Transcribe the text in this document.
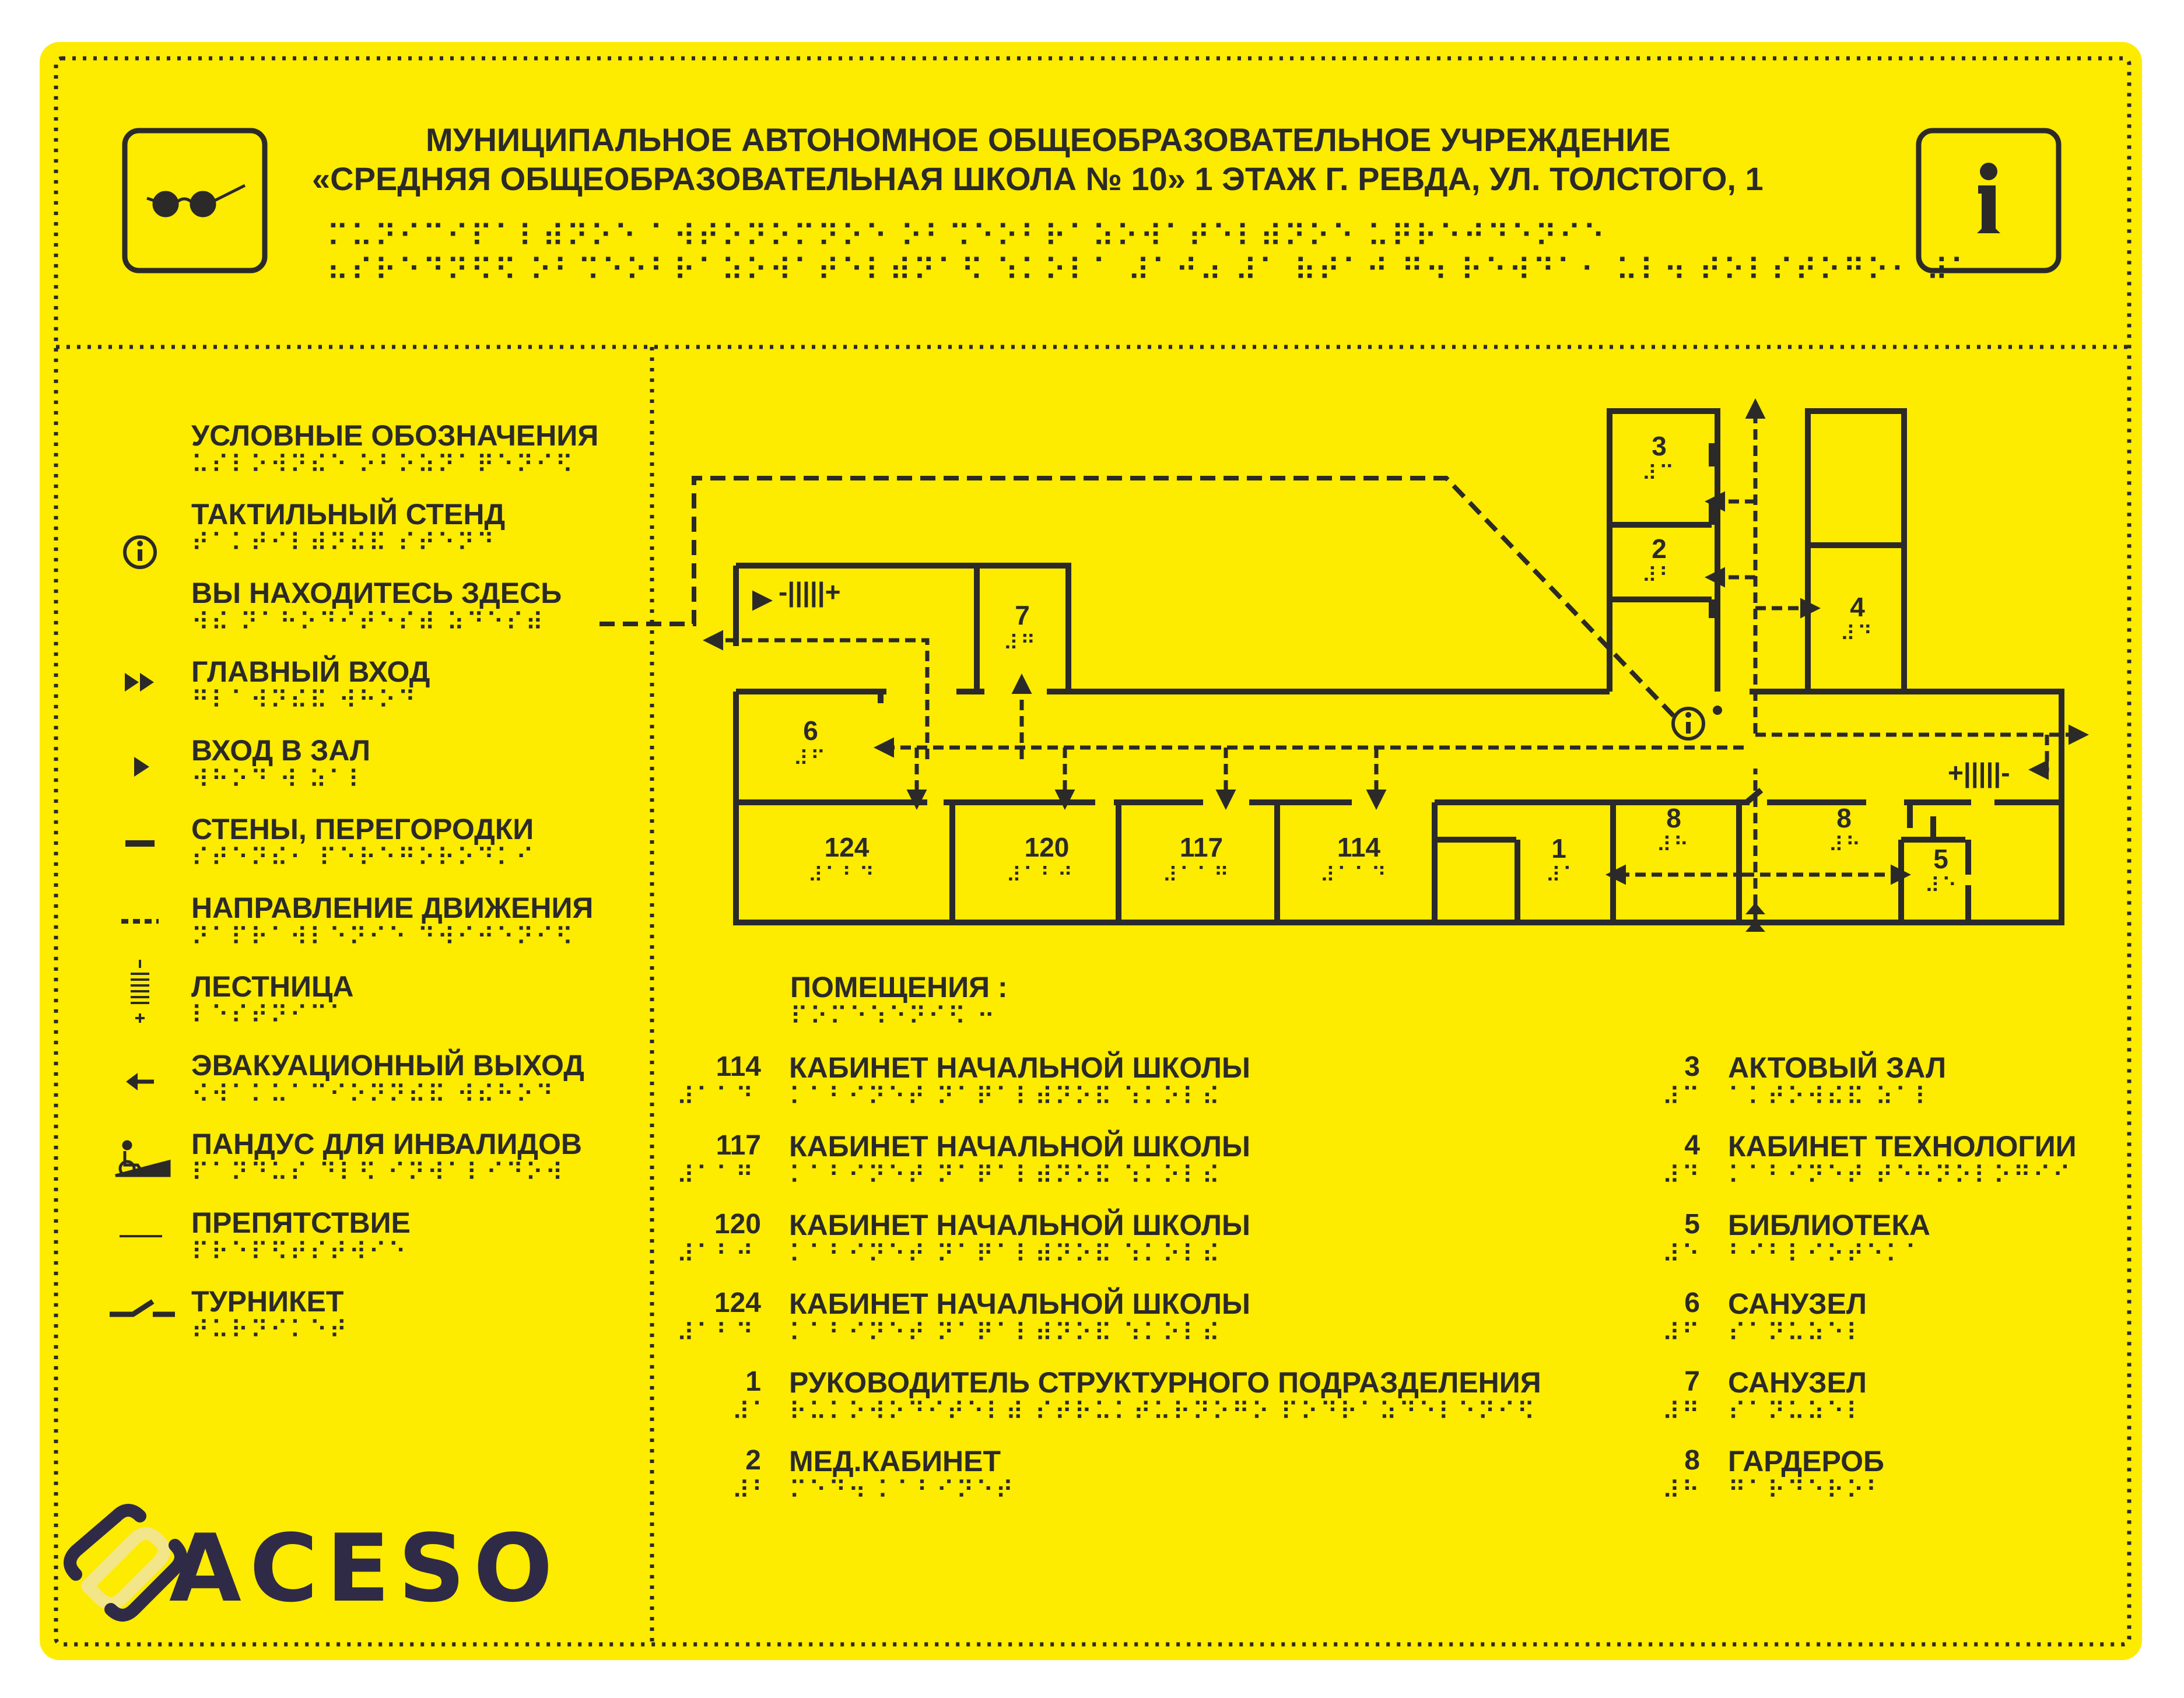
МУНИЦИПАЛЬНОЕ АВТОНОМНОЕ ОБЩЕОБРАЗОВАТЕЛЬНОЕ УЧРЕЖДЕНИЕ
«СРЕДНЯЯ ОБЩЕОБРАЗОВАТЕЛЬНАЯ ШКОЛА № 10» 1 ЭТАЖ Г. РЕВДА, УЛ. ТОЛСТОГО, 1
⠍⠥⠝⠊⠉⠊⠏⠁⠇⠾⠝⠕⠑ ⠁⠺⠞⠕⠝⠕⠍⠝⠕⠑ ⠕⠃⠩⠑⠕⠃⠗⠁⠵⠕⠺⠁⠞⠑⠇⠾⠝⠕⠑ ⠥⠟⠗⠑⠚⠙⠑⠝⠊⠑
⠦⠎⠗⠑⠙⠝⠫⠫ ⠕⠃⠩⠑⠕⠃⠗⠁⠵⠕⠺⠁⠞⠑⠇⠾⠝⠁⠫ ⠱⠅⠕⠇⠁ ⠼⠁⠚⠴ ⠼⠁ ⠷⠞⠁⠚ ⠛⠲ ⠗⠑⠺⠙⠁⠂ ⠥⠇⠲ ⠞⠕⠇⠎⠞⠕⠛⠕⠂ ⠼⠁
УСЛОВНЫЕ ОБОЗНАЧЕНИЯ
⠥⠎⠇⠕⠺⠝⠮⠑ ⠕⠃⠕⠵⠝⠁⠟⠑⠝⠊⠫
ТАКТИЛЬНЫЙ СТЕНД
⠞⠁⠅⠞⠊⠇⠾⠝⠮⠯ ⠎⠞⠑⠝⠙
ВЫ НАХОДИТЕСЬ ЗДЕСЬ
⠺⠮ ⠝⠁⠓⠕⠙⠊⠞⠑⠎⠾ ⠵⠙⠑⠎⠾
ГЛАВНЫЙ ВХОД
⠛⠇⠁⠺⠝⠮⠯ ⠺⠓⠕⠙
ВХОД В ЗАЛ
⠺⠓⠕⠙ ⠺ ⠵⠁⠇
СТЕНЫ, ПЕРЕГОРОДКИ
⠎⠞⠑⠝⠮⠂ ⠏⠑⠗⠑⠛⠕⠗⠕⠙⠅⠊
НАПРАВЛЕНИЕ ДВИЖЕНИЯ
⠝⠁⠏⠗⠁⠺⠇⠑⠝⠊⠑ ⠙⠺⠊⠚⠑⠝⠊⠫
ЛЕСТНИЦА
⠇⠑⠎⠞⠝⠊⠉⠁
ЭВАКУАЦИОННЫЙ ВЫХОД
⠪⠺⠁⠅⠥⠁⠉⠊⠕⠝⠝⠮⠯ ⠺⠮⠓⠕⠙
ПАНДУС ДЛЯ ИНВАЛИДОВ
⠏⠁⠝⠙⠥⠎ ⠙⠇⠫ ⠊⠝⠺⠁⠇⠊⠙⠕⠺
ПРЕПЯТСТВИЕ
⠏⠗⠑⠏⠫⠞⠎⠞⠺⠊⠑
ТУРНИКЕТ
⠞⠥⠗⠝⠊⠅⠑⠞
3
⠼⠉
2
⠼⠃
4
⠼⠙
7
⠼⠛
6
⠼⠋
124
⠼⠁⠃⠙
120
⠼⠁⠃⠚
117
⠼⠁⠁⠛
114
⠼⠁⠁⠙
1
⠼⠁
8
⠼⠓
8
⠼⠓	5
⠼⠑
-|||||+
+|||||-
ПОМЕЩЕНИЯ :
⠏⠕⠍⠑⠱⠑⠝⠊⠫ ⠒
114 КАБИНЕТ НАЧАЛЬНОЙ ШКОЛЫ
⠼⠁⠁⠙ ⠅⠁⠃⠊⠝⠑⠞ ⠝⠁⠟⠁⠇⠾⠝⠕⠯ ⠱⠅⠕⠇⠮
117 КАБИНЕТ НАЧАЛЬНОЙ ШКОЛЫ
⠼⠁⠁⠛ ⠅⠁⠃⠊⠝⠑⠞ ⠝⠁⠟⠁⠇⠾⠝⠕⠯ ⠱⠅⠕⠇⠮
120 КАБИНЕТ НАЧАЛЬНОЙ ШКОЛЫ
⠼⠁⠃⠚ ⠅⠁⠃⠊⠝⠑⠞ ⠝⠁⠟⠁⠇⠾⠝⠕⠯ ⠱⠅⠕⠇⠮
124 КАБИНЕТ НАЧАЛЬНОЙ ШКОЛЫ
⠼⠁⠃⠙ ⠅⠁⠃⠊⠝⠑⠞ ⠝⠁⠟⠁⠇⠾⠝⠕⠯ ⠱⠅⠕⠇⠮
1 РУКОВОДИТЕЛЬ СТРУКТУРНОГО ПОДРАЗДЕЛЕНИЯ
⠼⠁ ⠗⠥⠅⠕⠺⠕⠙⠊⠞⠑⠇⠾ ⠎⠞⠗⠥⠅⠞⠥⠗⠝⠕⠛⠕ ⠏⠕⠙⠗⠁⠵⠙⠑⠇⠑⠝⠊⠫
2 МЕД.КАБИНЕТ
⠼⠃ ⠍⠑⠙⠲ ⠅⠁⠃⠊⠝⠑⠞
3 АКТОВЫЙ ЗАЛ
⠼⠉ ⠁⠅⠞⠕⠺⠮⠯ ⠵⠁⠇
4 КАБИНЕТ ТЕХНОЛОГИИ
⠼⠙ ⠅⠁⠃⠊⠝⠑⠞ ⠞⠑⠓⠝⠕⠇⠕⠛⠊⠊
5 БИБЛИОТЕКА
⠼⠑ ⠃⠊⠃⠇⠊⠕⠞⠑⠅⠁
6 САНУЗЕЛ
⠼⠋ ⠎⠁⠝⠥⠵⠑⠇
7 САНУЗЕЛ
⠼⠛ ⠎⠁⠝⠥⠵⠑⠇
8 ГАРДЕРОБ
⠼⠓ ⠛⠁⠗⠙⠑⠗⠕⠃
ACESO
